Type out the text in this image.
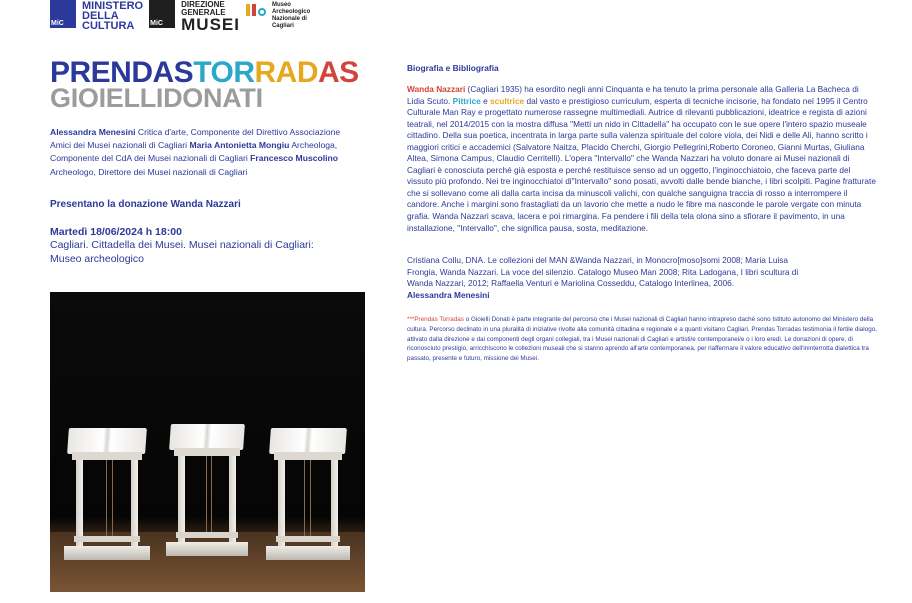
MiC
MINISTERO
DELLA
CULTURA	MiC
DIREZIONE
GENERALE
MUSEI
Museo
Archeologico
Nazionale di
Cagliari
PRENDASTORRADAS
GIOIELLIDONATI
Alessandra Menesini Critica d'arte, Componente del Direttivo Associazione Amici dei Musei nazionali di Cagliari Maria Antonietta Mongiu Archeologa, Componente del CdA dei Musei nazionali di Cagliari Francesco Muscolino Archeologo, Direttore dei Musei nazionali di Cagliari
Presentano la donazione Wanda Nazzari
Martedì 18/06/2024 h 18:00
Cagliari. Cittadella dei Musei. Musei nazionali di Cagliari: Museo archeologico
Biografia e Bibliografia
Wanda Nazzari (Cagliari 1935) ha esordito negli anni Cinquanta e ha tenuto la prima personale alla Galleria La Bacheca di Lidia Scuto. Pittrice e scultrice dal vasto e prestigioso curriculum, esperta di tecniche incisorie, ha fondato nel 1995 il Centro Culturale Man Ray e progettato numerose rassegne multimediali. Autrice di rilevanti pubblicazioni, ideatrice e regista di azioni teatrali, nel 2014/2015 con la mostra diffusa "Metti un nido in Cittadella" ha occupato con le sue opere l'intero spazio museale cittadino. Della sua poetica, incentrata in larga parte sulla valenza spirituale del colore viola, dei Nidi e delle Ali, hanno scritto i maggiori critici e accademici (Salvatore Naitza, Placido Cherchi, Giorgio Pellegrini,Roberto Coroneo, Gianni Murtas, Giuliana Altea, Simona Campus, Claudio Cerritelli). L'opera "Intervallo" che Wanda Nazzari ha voluto donare ai Musei nazionali di Cagliari è conosciuta perché già esposta e perché restituisce senso ad un oggetto, l'inginocchiatoio, che faceva parte del vissuto più profondo. Nei tre inginocchiatoi di"Intervallo" sono posati, avvolti dalle bende bianche, i libri scolpiti. Pagine fratturate che si sollevano come ali dalla carta incisa da minuscoli valichi, con qualche sanguigna traccia di rosso a interrompere il candore. Anche i margini sono frastagliati da un lavorio che mette a nudo le fibre ma nasconde le parole vergate con minuta grafia. Wanda Nazzari scava, lacera e poi rimargina. Fa pendere i fili della tela olona sino a sfiorare il pavimento, in una installazione, "Intervallo", che significa pausa, sosta, meditazione.
Cristiana Collu, DNA. Le collezioni del MAN &Wanda Nazzari, in Monocro[moso]somi 2008; Maria Luisa Frongia, Wanda Nazzari. La voce del silenzio. Catalogo Museo Man 2008; Rita Ladogana, I libri scultura di Wanda Nazzari, 2012; Raffaella Venturi e Mariolina Cosseddu, Catalogo Interlinea, 2006.
Alessandra Menesini
***Prendas Torradas o Gioielli Donati è parte integrante del percorso che i Musei nazionali di Cagliari hanno intrapreso daché sono Istituto autonomo del Ministero della cultura. Percorso declinato in una pluralità di iniziative rivolte alla comunità cittadina e regionale e a quanti visitano Cagliari. Prendas Torradas testimonia il fertile dialogo, attivato dalla direzione e dai componenti degli organi collegiali, tra i Musei nazionali di Cagliari e artisti/e contemporanei/e o i loro eredi. Le donazioni di opere, di riconosciuto prestigio, arricchiscono le collezioni museali che si stanno aprendo all'arte contemporanea, per riaffermare il valore educativo dell'ininterrotta dialettica tra passato, presente e futuro, missione dei Musei.
